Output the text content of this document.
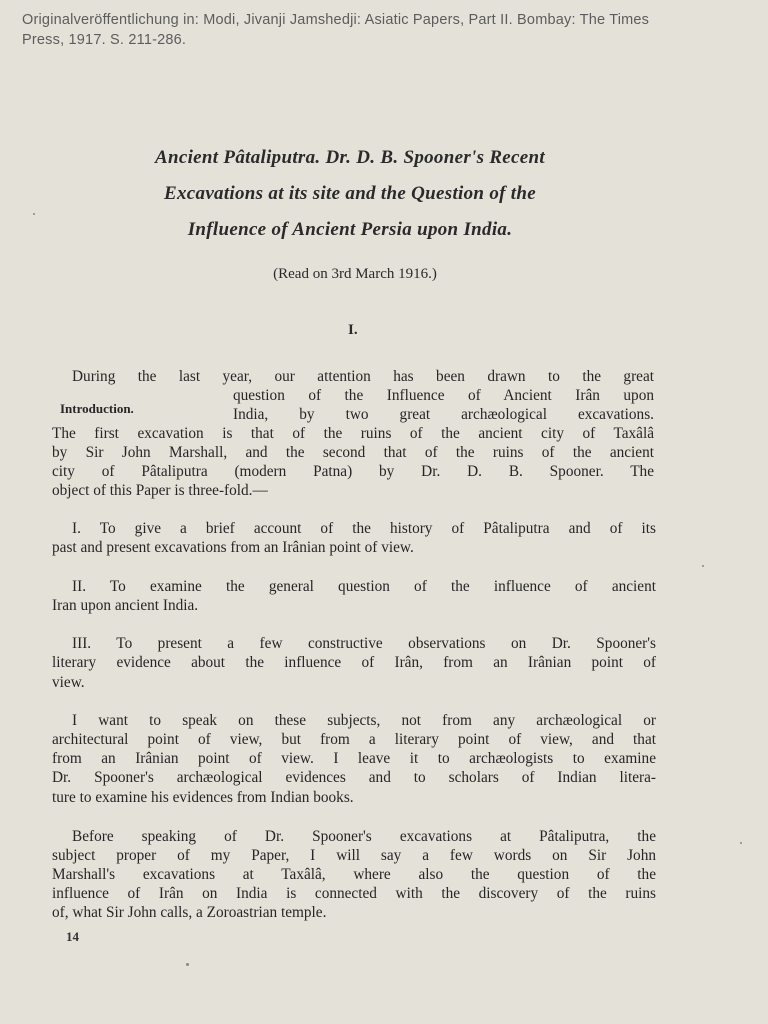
Originalveröffentlichung in: Modi, Jivanji Jamshedji: Asiatic Papers, Part II. Bombay: The Times
Press, 1917. S. 211-286.
Ancient Pâtaliputra. Dr. D. B. Spooner's Recent
Excavations at its site and the Question of the
Influence of Ancient Persia upon India.
(Read on 3rd March 1916.)
I.
Introduction.
During the last year, our attention has been drawn to the great
question of the Influence of Ancient Irân upon
India, by two great archæological excavations.
The first excavation is that of the ruins of the ancient city of Taxâlâ
by Sir John Marshall, and the second that of the ruins of the ancient
city of Pâtaliputra (modern Patna) by Dr. D. B. Spooner. The
object of this Paper is three-fold.—
I. To give a brief account of the history of Pâtaliputra and of its
past and present excavations from an Irânian point of view.
II. To examine the general question of the influence of ancient
Iran upon ancient India.
III. To present a few constructive observations on Dr. Spooner's
literary evidence about the influence of Irân, from an Irânian point of
view.
I want to speak on these subjects, not from any archæological or
architectural point of view, but from a literary point of view, and that
from an Irânian point of view. I leave it to archæologists to examine
Dr. Spooner's archæological evidences and to scholars of Indian litera-
ture to examine his evidences from Indian books.
Before speaking of Dr. Spooner's excavations at Pâtaliputra, the
subject proper of my Paper, I will say a few words on Sir John
Marshall's excavations at Taxâlâ, where also the question of the
influence of Irân on India is connected with the discovery of the ruins
of, what Sir John calls, a Zoroastrian temple.
14
